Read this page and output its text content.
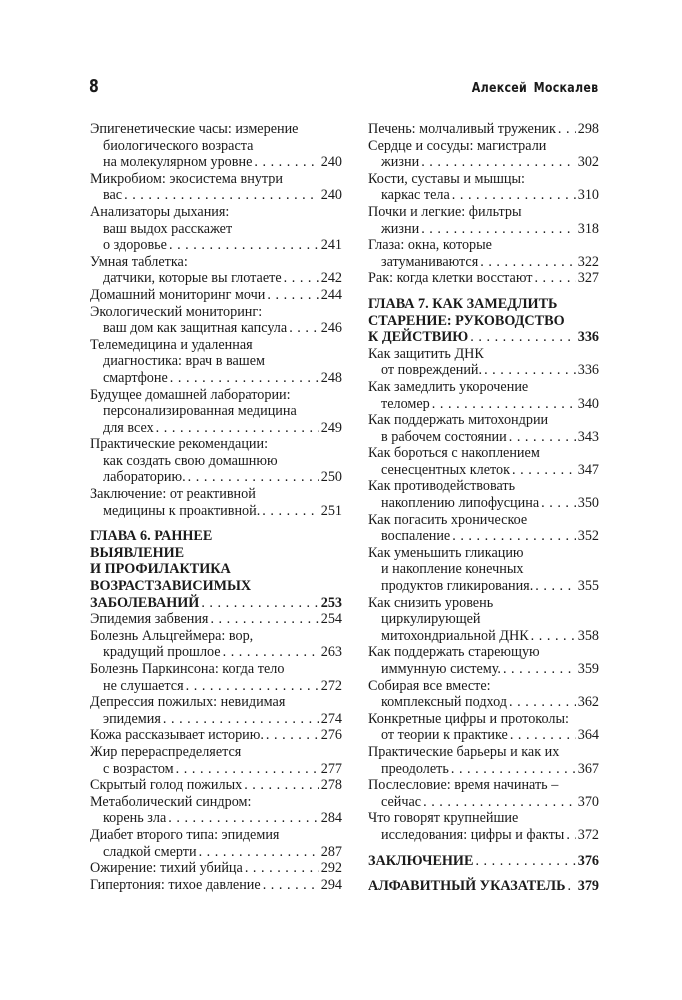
8	Алексей Москалев
Эпигенетические часы: измерение
биологического возраста
на молекулярном уровне . . .	240
Микробиом: экосистема внутри
вас . . .	240
Анализаторы дыхания:
ваш выдох расскажет
о здоровье . . .	241
Умная таблетка:
датчики, которые вы глотаете . . .	242
Домашний мониторинг мочи . . .	244
Экологический мониторинг:
ваш дом как защитная капсула . . . 246
Телемедицина и удаленная
диагностика: врач в вашем
смартфоне . . .	248
Будущее домашней лаборатории:
персонализированная медицина
для всех . . .	249
Практические рекомендации:
как создать свою домашнюю
лабораторию. . . .	250
Заключение: от реактивной
медицины к проактивной. . . .	251
ГЛАВА 6. РАННЕЕ
ВЫЯВЛЕНИЕ
И ПРОФИЛАКТИКА
ВОЗРАСТЗАВИСИМЫХ
ЗАБОЛЕВАНИЙ . . .	253
Эпидемия забвения . . .	254
Болезнь Альцгеймера: вор,
крадущий прошлое . . .	263
Болезнь Паркинсона: когда тело
не слушается . . .	272
Депрессия пожилых: невидимая
эпидемия . . .	274
Кожа рассказывает историю. . . .	276
Жир перераспределяется
с возрастом . . .	277
Скрытый голод пожилых . . .	278
Метаболический синдром:
корень зла . . .	284
Диабет второго типа: эпидемия
сладкой смерти . . .	287
Ожирение: тихий убийца . . .	292
Гипертония: тихое давление . . .	294
Печень: молчаливый труженик . . . 298
Сердце и сосуды: магистрали
жизни . . .	302
Кости, суставы и мышцы:
каркас тела . . .	310
Почки и легкие: фильтры
жизни . . .	318
Глаза: окна, которые
затуманиваются . . .	322
Рак: когда клетки восстают . . .	327
ГЛАВА 7. КАК ЗАМЕДЛИТЬ
СТАРЕНИЕ: РУКОВОДСТВО
К ДЕЙСТВИЮ . . .	336
Как защитить ДНК
от повреждений. . . .	336
Как замедлить укорочение
теломер . . .	340
Как поддержать митохондрии
в рабочем состоянии . . .	343
Как бороться с накоплением
сенесцентных клеток . . .	347
Как противодействовать
накоплению липофусцина . . .	350
Как погасить хроническое
воспаление . . .	352
Как уменьшить гликацию
и накопление конечных
продуктов гликирования. . . .	355
Как снизить уровень
циркулирующей
митохондриальной ДНК . . .	358
Как поддержать стареющую
иммунную систему. . . .	359
Собирая все вместе:
комплексный подход . . .	362
Конкретные цифры и протоколы:
от теории к практике . . .	364
Практические барьеры и как их
преодолеть . . .	367
Послесловие: время начинать –
сейчас . . .	370
Что говорят крупнейшие
исследования: цифры и факты . . . 372
ЗАКЛЮЧЕНИЕ . . .	376
АЛФАВИТНЫЙ УКАЗАТЕЛЬ . . . 379
